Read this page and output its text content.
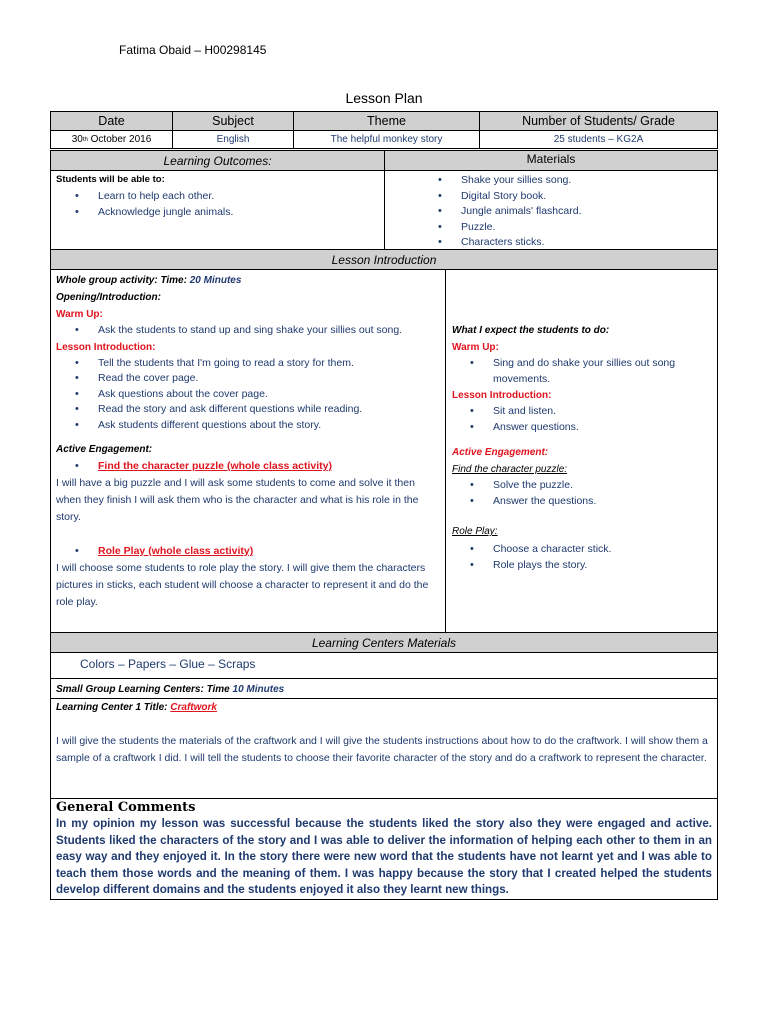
Fatima Obaid – H00298145
Lesson Plan
Date	Subject	Theme	Number of Students/ Grade
30 th October 2016	English	The helpful monkey story	25 students – KG2A
Learning Outcomes:	Materials
Students will be able to:
• Learn to help each other.
• Acknowledge jungle animals.
• Shake your sillies song.
• Digital Story book.
• Jungle animals' flashcard.
• Puzzle.
• Characters sticks.
Lesson Introduction
Whole group activity: Time: 20 Minutes
Opening/Introduction:
Warm Up:
• Ask the students to stand up and sing shake your sillies out song.
Lesson Introduction:
• Tell the students that I'm going to read a story for them.
• Read the cover page.
• Ask questions about the cover page.
• Read the story and ask different questions while reading.
• Ask students different questions about the story.
Active Engagement:
• Find the character puzzle (whole class activity)
I will have a big puzzle and I will ask some students to come and solve it then when they finish I will ask them who is the character and what is his role in the story.
• Role Play (whole class activity)
I will choose some students to role play the story. I will give them the characters pictures in sticks, each student will choose a character to represent it and do the role play.
What I expect the students to do:
Warm Up:
• Sing and do shake your sillies out song movements.
Lesson Introduction:
• Sit and listen.
• Answer questions.
Active Engagement:
Find the character puzzle:
• Solve the puzzle.
• Answer the questions.
Role Play:
• Choose a character stick.
• Role plays the story.
Learning Centers Materials
Colors – Papers – Glue – Scraps
Small Group Learning Centers: Time 10 Minutes
Learning Center 1 Title: Craftwork
I will give the students the materials of the craftwork and I will give the students instructions about how to do the craftwork. I will show them a sample of a craftwork I did. I will tell the students to choose their favorite character of the story and do a craftwork to represent the character.
General Comments
In my opinion my lesson was successful because the students liked the story also they were engaged and active. Students liked the characters of the story and I was able to deliver the information of helping each other to them in an easy way and they enjoyed it. In the story there were new word that the students have not learnt yet and I was able to teach them those words and the meaning of them. I was happy because the story that I created helped the students develop different domains and the students enjoyed it also they learnt new things.
